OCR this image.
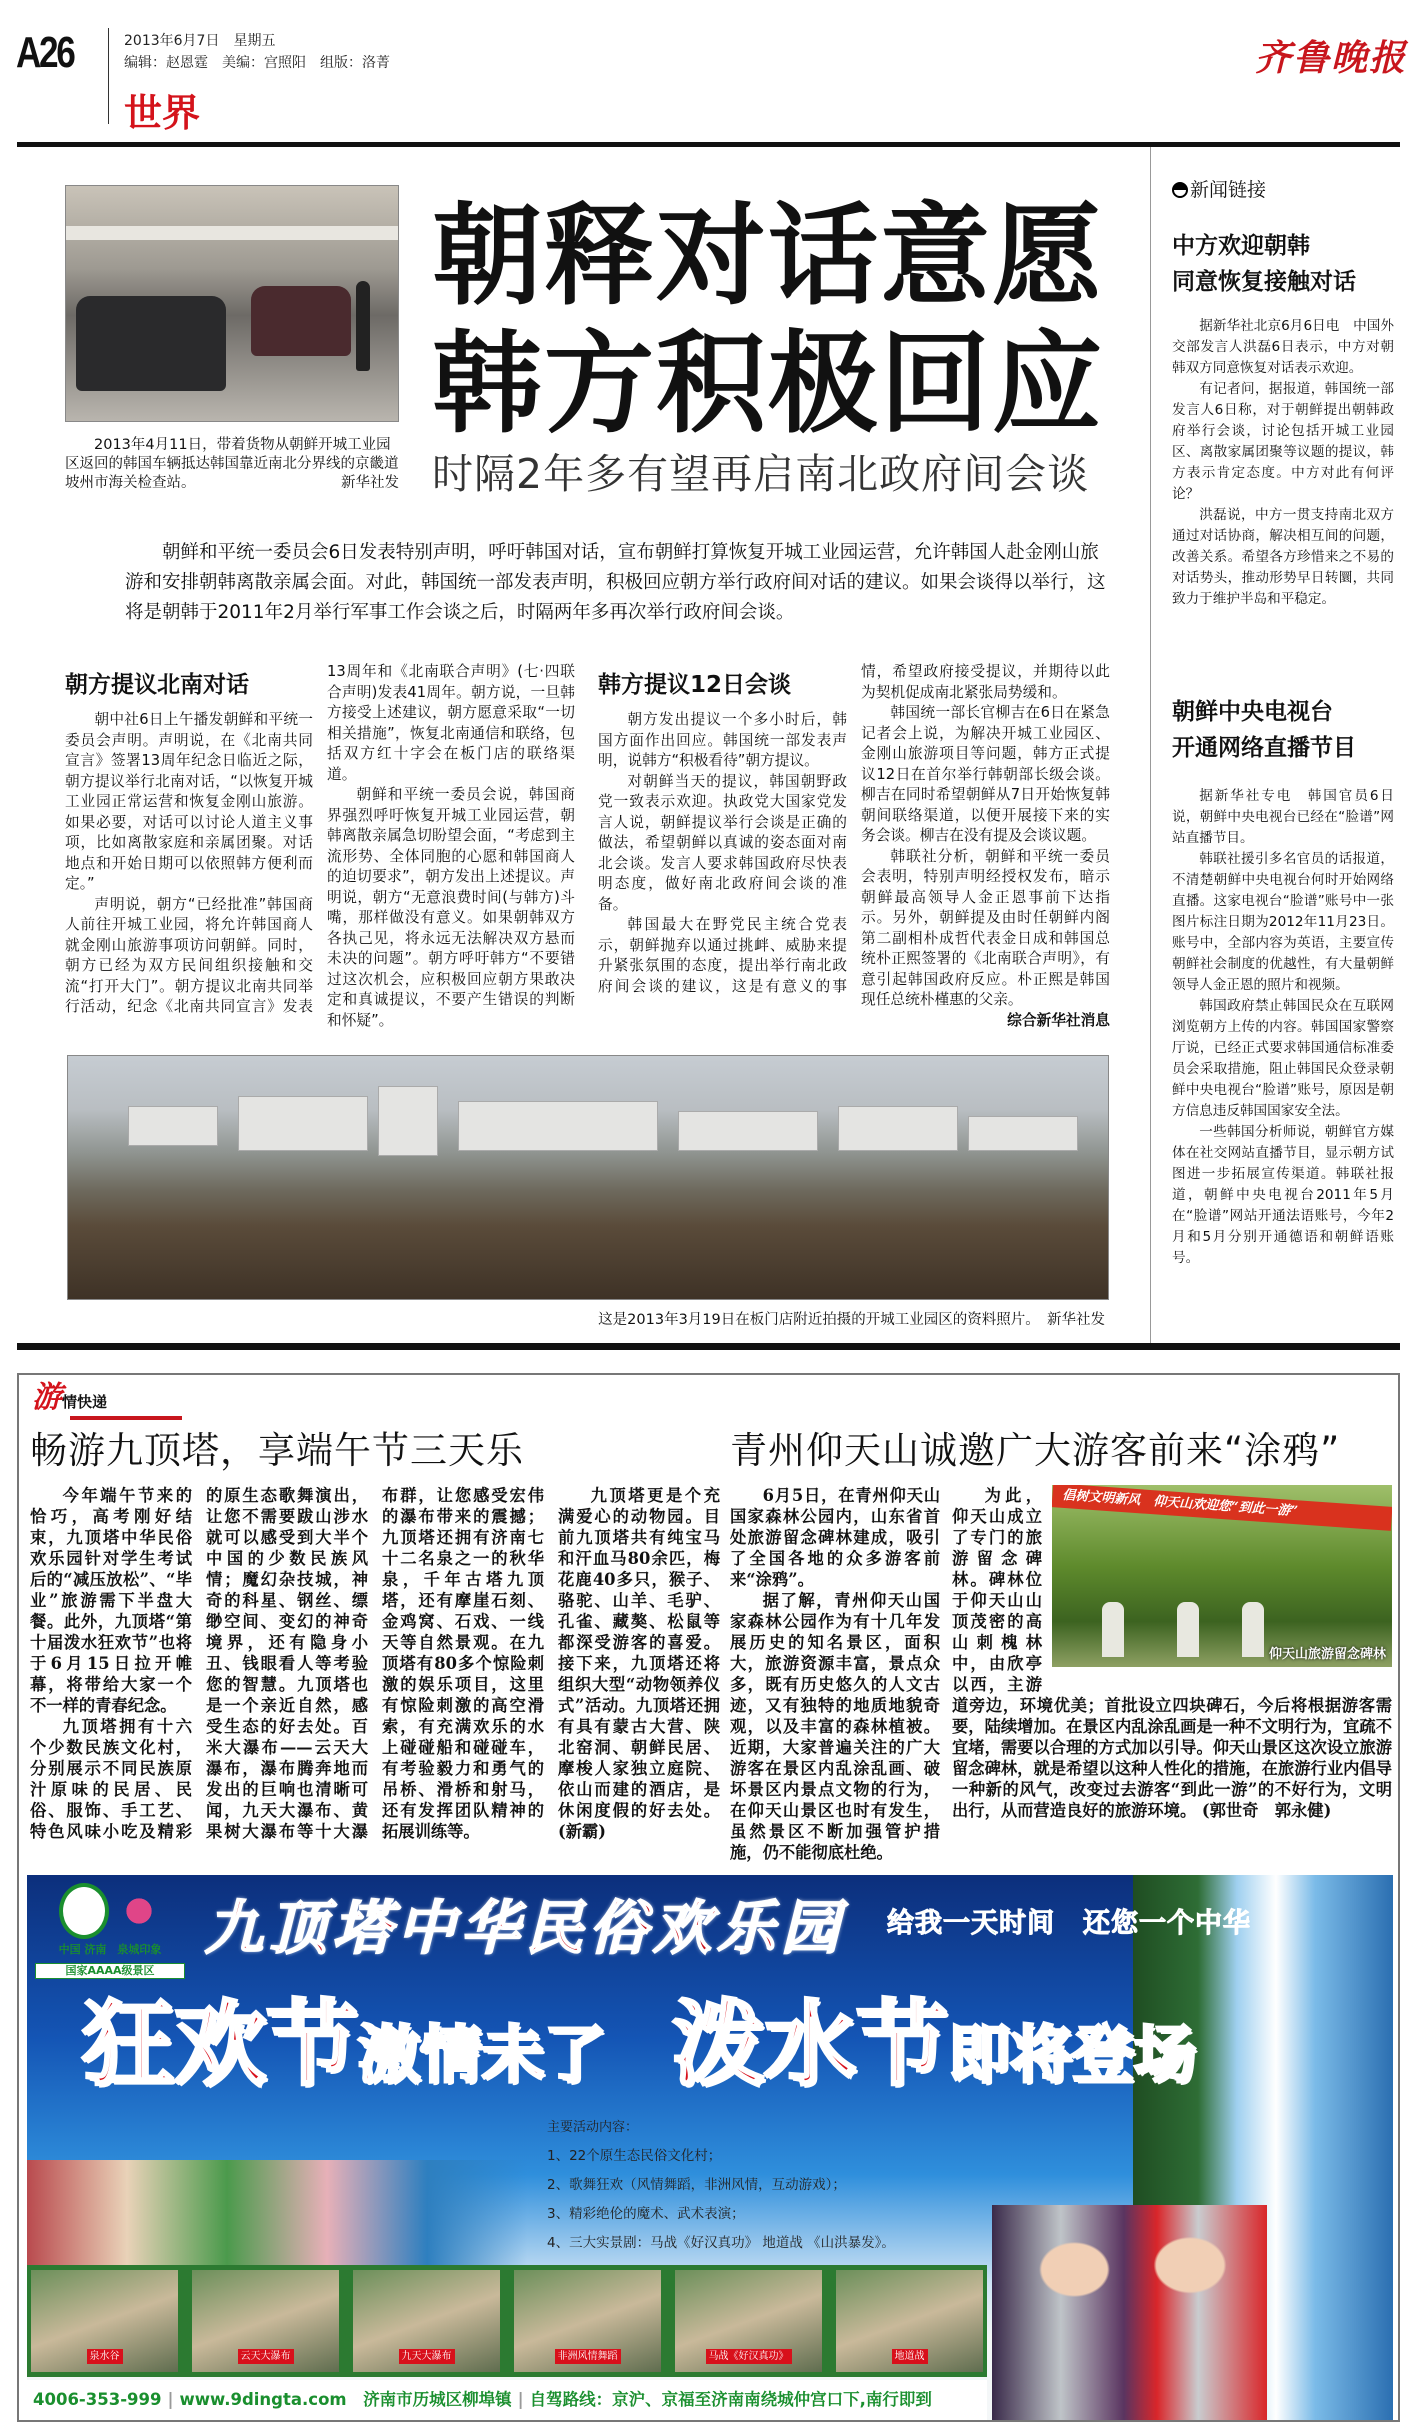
A26	2013年6月7日　星期五
编辑：赵恩霆　美编：宫照阳　组版：洛菁
世界
齐鲁晚报
2013年4月11日，带着货物从朝鲜开城工业园区返回的韩国车辆抵达韩国靠近南北分界线的京畿道坡州市海关检查站。	新华社发
朝释对话意愿
韩方积极回应
时隔2年多有望再启南北政府间会谈
朝鲜和平统一委员会6日发表特别声明，呼吁韩国对话，宣布朝鲜打算恢复开城工业园运营，允许韩国人赴金刚山旅游和安排朝韩离散亲属会面。对此，韩国统一部发表声明，积极回应朝方举行政府间对话的建议。如果会谈得以举行，这将是朝韩于2011年2月举行军事工作会谈之后，时隔两年多再次举行政府间会谈。
朝方提议北南对话

朝中社6日上午播发朝鲜和平统一委员会声明。声明说，在《北南共同宣言》签署13周年纪念日临近之际，朝方提议举行北南对话，“以恢复开城工业园正常运营和恢复金刚山旅游。如果必要，对话可以讨论人道主义事项，比如离散家庭和亲属团聚。对话地点和开始日期可以依照韩方便利而定。”

声明说，朝方“已经批准”韩国商人前往开城工业园，将允许韩国商人就金刚山旅游事项访问朝鲜。同时，朝方已经为双方民间组织接触和交流“打开大门”。朝方提议北南共同举行活动，纪念《北南共同宣言》发表13周年和《北南联合声明》(七·四联合声明)发表41周年。朝方说，一旦韩方接受上述建议，朝方愿意采取“一切相关措施”，恢复北南通信和联络，包括双方红十字会在板门店的联络渠道。

朝鲜和平统一委员会说，韩国商界强烈呼吁恢复开城工业园运营，朝韩离散亲属急切盼望会面，“考虑到主流形势、全体同胞的心愿和韩国商人的迫切要求”，朝方发出上述提议。声明说，朝方“无意浪费时间(与韩方)斗嘴，那样做没有意义。如果朝韩双方各执己见，将永远无法解决双方悬而未决的问题”。朝方呼吁韩方“不要错过这次机会，应积极回应朝方果敢决定和真诚提议，不要产生错误的判断和怀疑”。

韩方提议12日会谈

朝方发出提议一个多小时后，韩国方面作出回应。韩国统一部发表声明，说韩方“积极看待”朝方提议。

对朝鲜当天的提议，韩国朝野政党一致表示欢迎。执政党大国家党发言人说，朝鲜提议举行会谈是正确的做法，希望朝鲜以真诚的姿态面对南北会谈。发言人要求韩国政府尽快表明态度，做好南北政府间会谈的准备。

韩国最大在野党民主统合党表示，朝鲜抛弃以通过挑衅、威胁来提升紧张氛围的态度，提出举行南北政府间会谈的建议，这是有意义的事情，希望政府接受提议，并期待以此为契机促成南北紧张局势缓和。

韩国统一部长官柳吉在6日在紧急记者会上说，为解决开城工业园区、金刚山旅游项目等问题，韩方正式提议12日在首尔举行韩朝部长级会谈。柳吉在同时希望朝鲜从7日开始恢复韩朝间联络渠道，以便开展接下来的实务会谈。柳吉在没有提及会谈议题。

韩联社分析，朝鲜和平统一委员会表明，特别声明经授权发布，暗示朝鲜最高领导人金正恩事前下达指示。另外，朝鲜提及由时任朝鲜内阁第二副相朴成哲代表金日成和韩国总统朴正熙签署的《北南联合声明》，有意引起韩国政府反应。朴正熙是韩国现任总统朴槿惠的父亲。
综合新华社消息

这是2013年3月19日在板门店附近拍摄的开城工业园区的资料照片。　新华社发
新闻链接
中方欢迎朝韩
同意恢复接触对话

据新华社北京6月6日电　中国外交部发言人洪磊6日表示，中方对朝韩双方同意恢复对话表示欢迎。

有记者问，据报道，韩国统一部发言人6日称，对于朝鲜提出朝韩政府举行会谈，讨论包括开城工业园区、离散家属团聚等议题的提议，韩方表示肯定态度。中方对此有何评论？

洪磊说，中方一贯支持南北双方通过对话协商，解决相互间的问题，改善关系。希望各方珍惜来之不易的对话势头，推动形势早日转圜，共同致力于维护半岛和平稳定。

朝鲜中央电视台
开通网络直播节目

据新华社专电　韩国官员6日说，朝鲜中央电视台已经在“脸谱”网站直播节目。

韩联社援引多名官员的话报道，不清楚朝鲜中央电视台何时开始网络直播。这家电视台“脸谱”账号中一张图片标注日期为2012年11月23日。账号中，全部内容为英语，主要宣传朝鲜社会制度的优越性，有大量朝鲜领导人金正恩的照片和视频。

韩国政府禁止韩国民众在互联网浏览朝方上传的内容。韩国国家警察厅说，已经正式要求韩国通信标准委员会采取措施，阻止韩国民众登录朝鲜中央电视台“脸谱”账号，原因是朝方信息违反韩国国家安全法。

一些韩国分析师说，朝鲜官方媒体在社交网站直播节目，显示朝方试图进一步拓展宣传渠道。韩联社报道，朝鲜中央电视台2011年5月在“脸谱”网站开通法语账号，今年2月和5月分别开通德语和朝鲜语账号。

游情快递
畅游九顶塔，享端午节三天乐

今年端午节来的恰巧，高考刚好结束，九顶塔中华民俗欢乐园针对学生考试后的“减压放松”、“毕业”旅游需下半盘大餐。此外，九顶塔“第十届泼水狂欢节”也将于6月15日拉开帷幕，将带给大家一个不一样的青春纪念。

九顶塔拥有十六个少数民族文化村，分别展示不同民族原汁原味的民居、民俗、服饰、手工艺、特色风味小吃及精彩的原生态歌舞演出，让您不需要跋山涉水就可以感受到大半个中国的少数民族风情；魔幻杂技城，神奇的科星、钢丝、缥缈空间、变幻的神奇境界，还有隐身小丑、钱眼看人等考验您的智慧。九顶塔也是一个亲近自然，感受生态的好去处。百米大瀑布——云天大瀑布，瀑布腾奔地而发出的巨响也清晰可闻，九天大瀑布、黄果树大瀑布等十大瀑布群，让您感受宏伟的瀑布带来的震撼；九顶塔还拥有济南七十二名泉之一的秋华泉，千年古塔九顶塔，还有摩崖石刻、金鸡窝、石戏、一线天等自然景观。在九顶塔有80多个惊险刺激的娱乐项目，这里有惊险刺激的高空滑索，有充满欢乐的水上碰碰船和碰碰车，有考验毅力和勇气的吊桥、滑桥和射马，还有发挥团队精神的拓展训练等。

九顶塔更是个充满爱心的动物园。目前九顶塔共有纯宝马和汗血马80余匹，梅花鹿40多只，猴子、骆驼、山羊、毛驴、孔雀、藏獒、松鼠等都深受游客的喜爱。接下来，九顶塔还将组织大型“动物领养仪式”活动。九顶塔还拥有具有蒙古大营、陕北窑洞、朝鲜民居、摩梭人家独立庭院、依山而建的酒店，是休闲度假的好去处。 (新霸)

青州仰天山诚邀广大游客前来“涂鸦”

6月5日，在青州仰天山国家森林公园内，山东省首处旅游留念碑林建成，吸引了全国各地的众多游客前来“涂鸦”。

据了解，青州仰天山国家森林公园作为有十几年发展历史的知名景区，面积大，旅游资源丰富，景点众多，既有历史悠久的人文古迹，又有独特的地质地貌奇观，以及丰富的森林植被。近期，大家普遍关注的广大游客在景区内乱涂乱画、破坏景区内景点文物的行为，在仰天山景区也时有发生，虽然景区不断加强管护措施，仍不能彻底杜绝。

倡树文明新风　仰天山欢迎您“到此一游”
仰天山旅游留念碑林

为此，仰天山成立了专门的旅游留念碑林。碑林位于仰天山山顶茂密的高山刺槐林中，由欣亭以西，主游道旁边，环境优美；首批设立四块碑石，今后将根据游客需要，陆续增加。在景区内乱涂乱画是一种不文明行为，宜疏不宜堵，需要以合理的方式加以引导。仰天山景区这次设立旅游留念碑林，就是希望以这种人性化的措施，在旅游行业内倡导一种新的风气，改变过去游客“到此一游”的不好行为，文明出行，从而营造良好的旅游环境。 (郭世奇　郭永健)

中国 济南　 泉城印象
国家AAAA级景区
九顶塔中华民俗欢乐园 给我一天时间　还您一个中华
狂欢节激情未了 泼水节即将登场
主要活动内容：
1、22个原生态民俗文化村；
2、歌舞狂欢（风情舞蹈，非洲风情，互动游戏）；
3、精彩绝伦的魔术、武术表演；
4、三大实景剧：马战《好汉真功》 地道战 《山洪暴发》。
泉水谷	云天大瀑布	九天大瀑布	非洲风情舞蹈	马战《好汉真功》	地道战
4006-353-999 | www.9dingta.com　 济南市历城区柳埠镇 | 自驾路线：京沪、京福至济南南绕城仲宫口下,南行即到
